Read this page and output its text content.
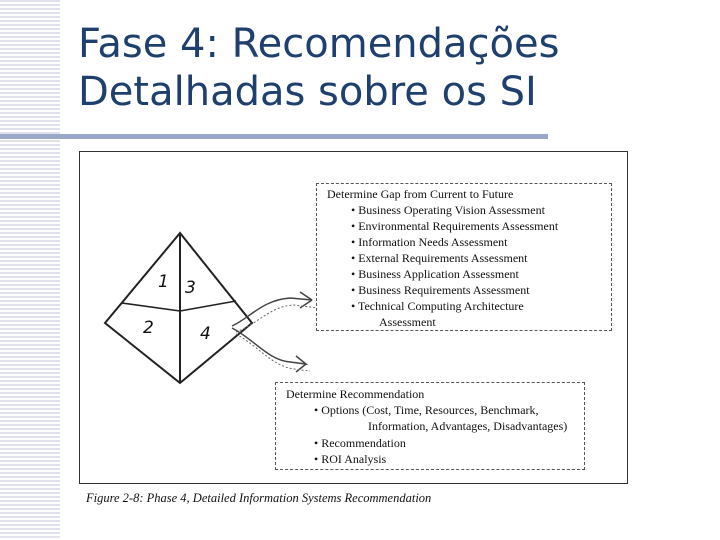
Fase 4: Recomendações
Detalhadas sobre os SI
1 3
2	4
Determine Gap from Current to Future
• Business Operating Vision Assessment
• Environmental Requirements Assessment
• Information Needs Assessment
• External Requirements Assessment
• Business Application Assessment
• Business Requirements Assessment
• Technical Computing Architecture
Assessment
Determine Recommendation
• Options (Cost, Time, Resources, Benchmark,
Information, Advantages, Disadvantages)
• Recommendation
• ROI Analysis
Figure 2-8: Phase 4, Detailed Information Systems Recommendation
